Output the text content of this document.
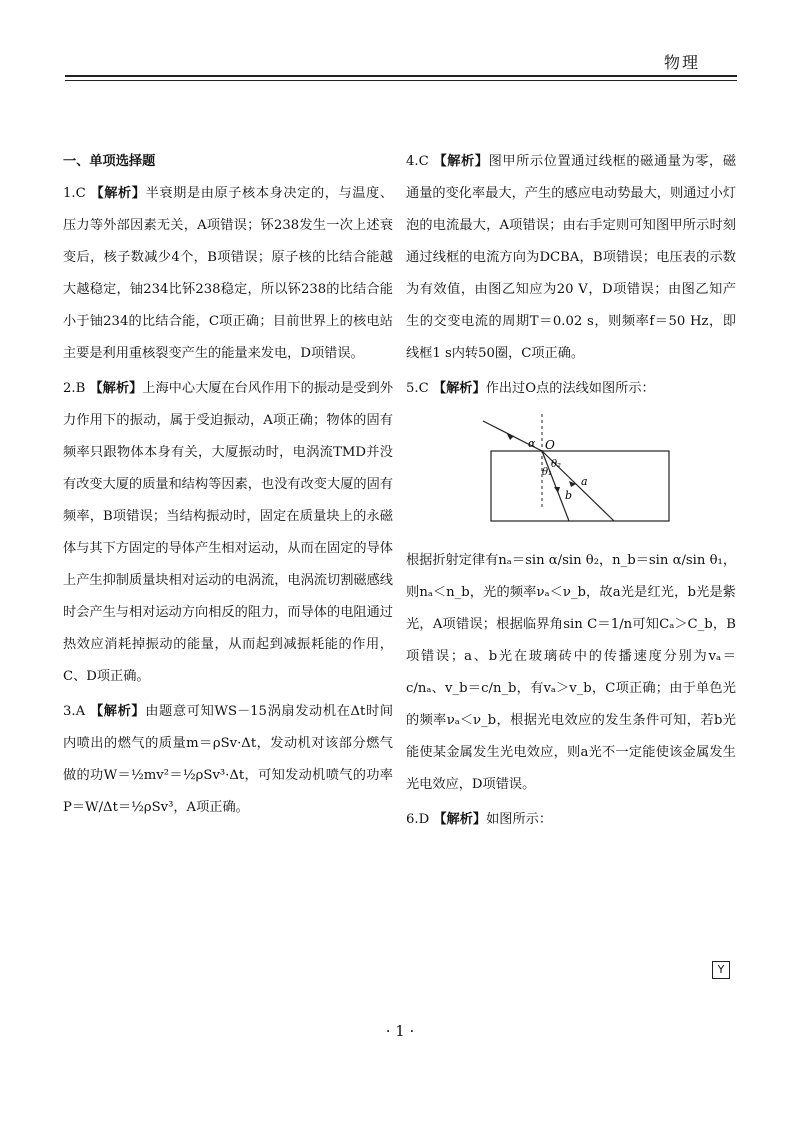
物理
一、单项选择题

1.C 【解析】半衰期是由原子核本身决定的，与温度、压力等外部因素无关，A项错误；钚238发生一次上述衰变后，核子数减少4个，B项错误；原子核的比结合能越大越稳定，铀234比钚238稳定，所以钚238的比结合能小于铀234的比结合能，C项正确；目前世界上的核电站主要是利用重核裂变产生的能量来发电，D项错误。

2.B 【解析】上海中心大厦在台风作用下的振动是受到外力作用下的振动，属于受迫振动，A项正确；物体的固有频率只跟物体本身有关，大厦振动时，电涡流TMD并没有改变大厦的质量和结构等因素，也没有改变大厦的固有频率，B项错误；当结构振动时，固定在质量块上的永磁体与其下方固定的导体产生相对运动，从而在固定的导体上产生抑制质量块相对运动的电涡流，电涡流切割磁感线时会产生与相对运动方向相反的阻力，而导体的电阻通过热效应消耗掉振动的能量，从而起到减振耗能的作用，C、D项正确。

3.A 【解析】由题意可知WS－15涡扇发动机在Δt时间内喷出的燃气的质量m＝ρSv·Δt，发动机对该部分燃气做的功W＝½mv²＝½ρSv³·Δt，可知发动机喷气的功率P＝W/Δt＝½ρSv³，A项正确。

4.C 【解析】图甲所示位置通过线框的磁通量为零，磁通量的变化率最大，产生的感应电动势最大，则通过小灯泡的电流最大，A项错误；由右手定则可知图甲所示时刻通过线框的电流方向为DCBA，B项错误；电压表的示数为有效值，由图乙知应为20 V，D项错误；由图乙知产生的交变电流的周期T＝0.02 s，则频率f＝50 Hz，即线框1 s内转50圈，C项正确。

5.C 【解析】作出过O点的法线如图所示：

α O
θ₂
θ₁
a
b

根据折射定律有nₐ＝sin α/sin θ₂，n_b＝sin α/sin θ₁，则nₐ＜n_b，光的频率νₐ＜ν_b，故a光是红光，b光是紫光，A项错误；根据临界角sin C＝1/n可知Cₐ＞C_b，B项错误；a、b光在玻璃砖中的传播速度分别为vₐ＝c/nₐ、v_b＝c/n_b，有vₐ＞v_b，C项正确；由于单色光的频率νₐ＜ν_b，根据光电效应的发生条件可知，若b光能使某金属发生光电效应，则a光不一定能使该金属发生光电效应，D项错误。

6.D 【解析】如图所示：

Y
· 1 ·
